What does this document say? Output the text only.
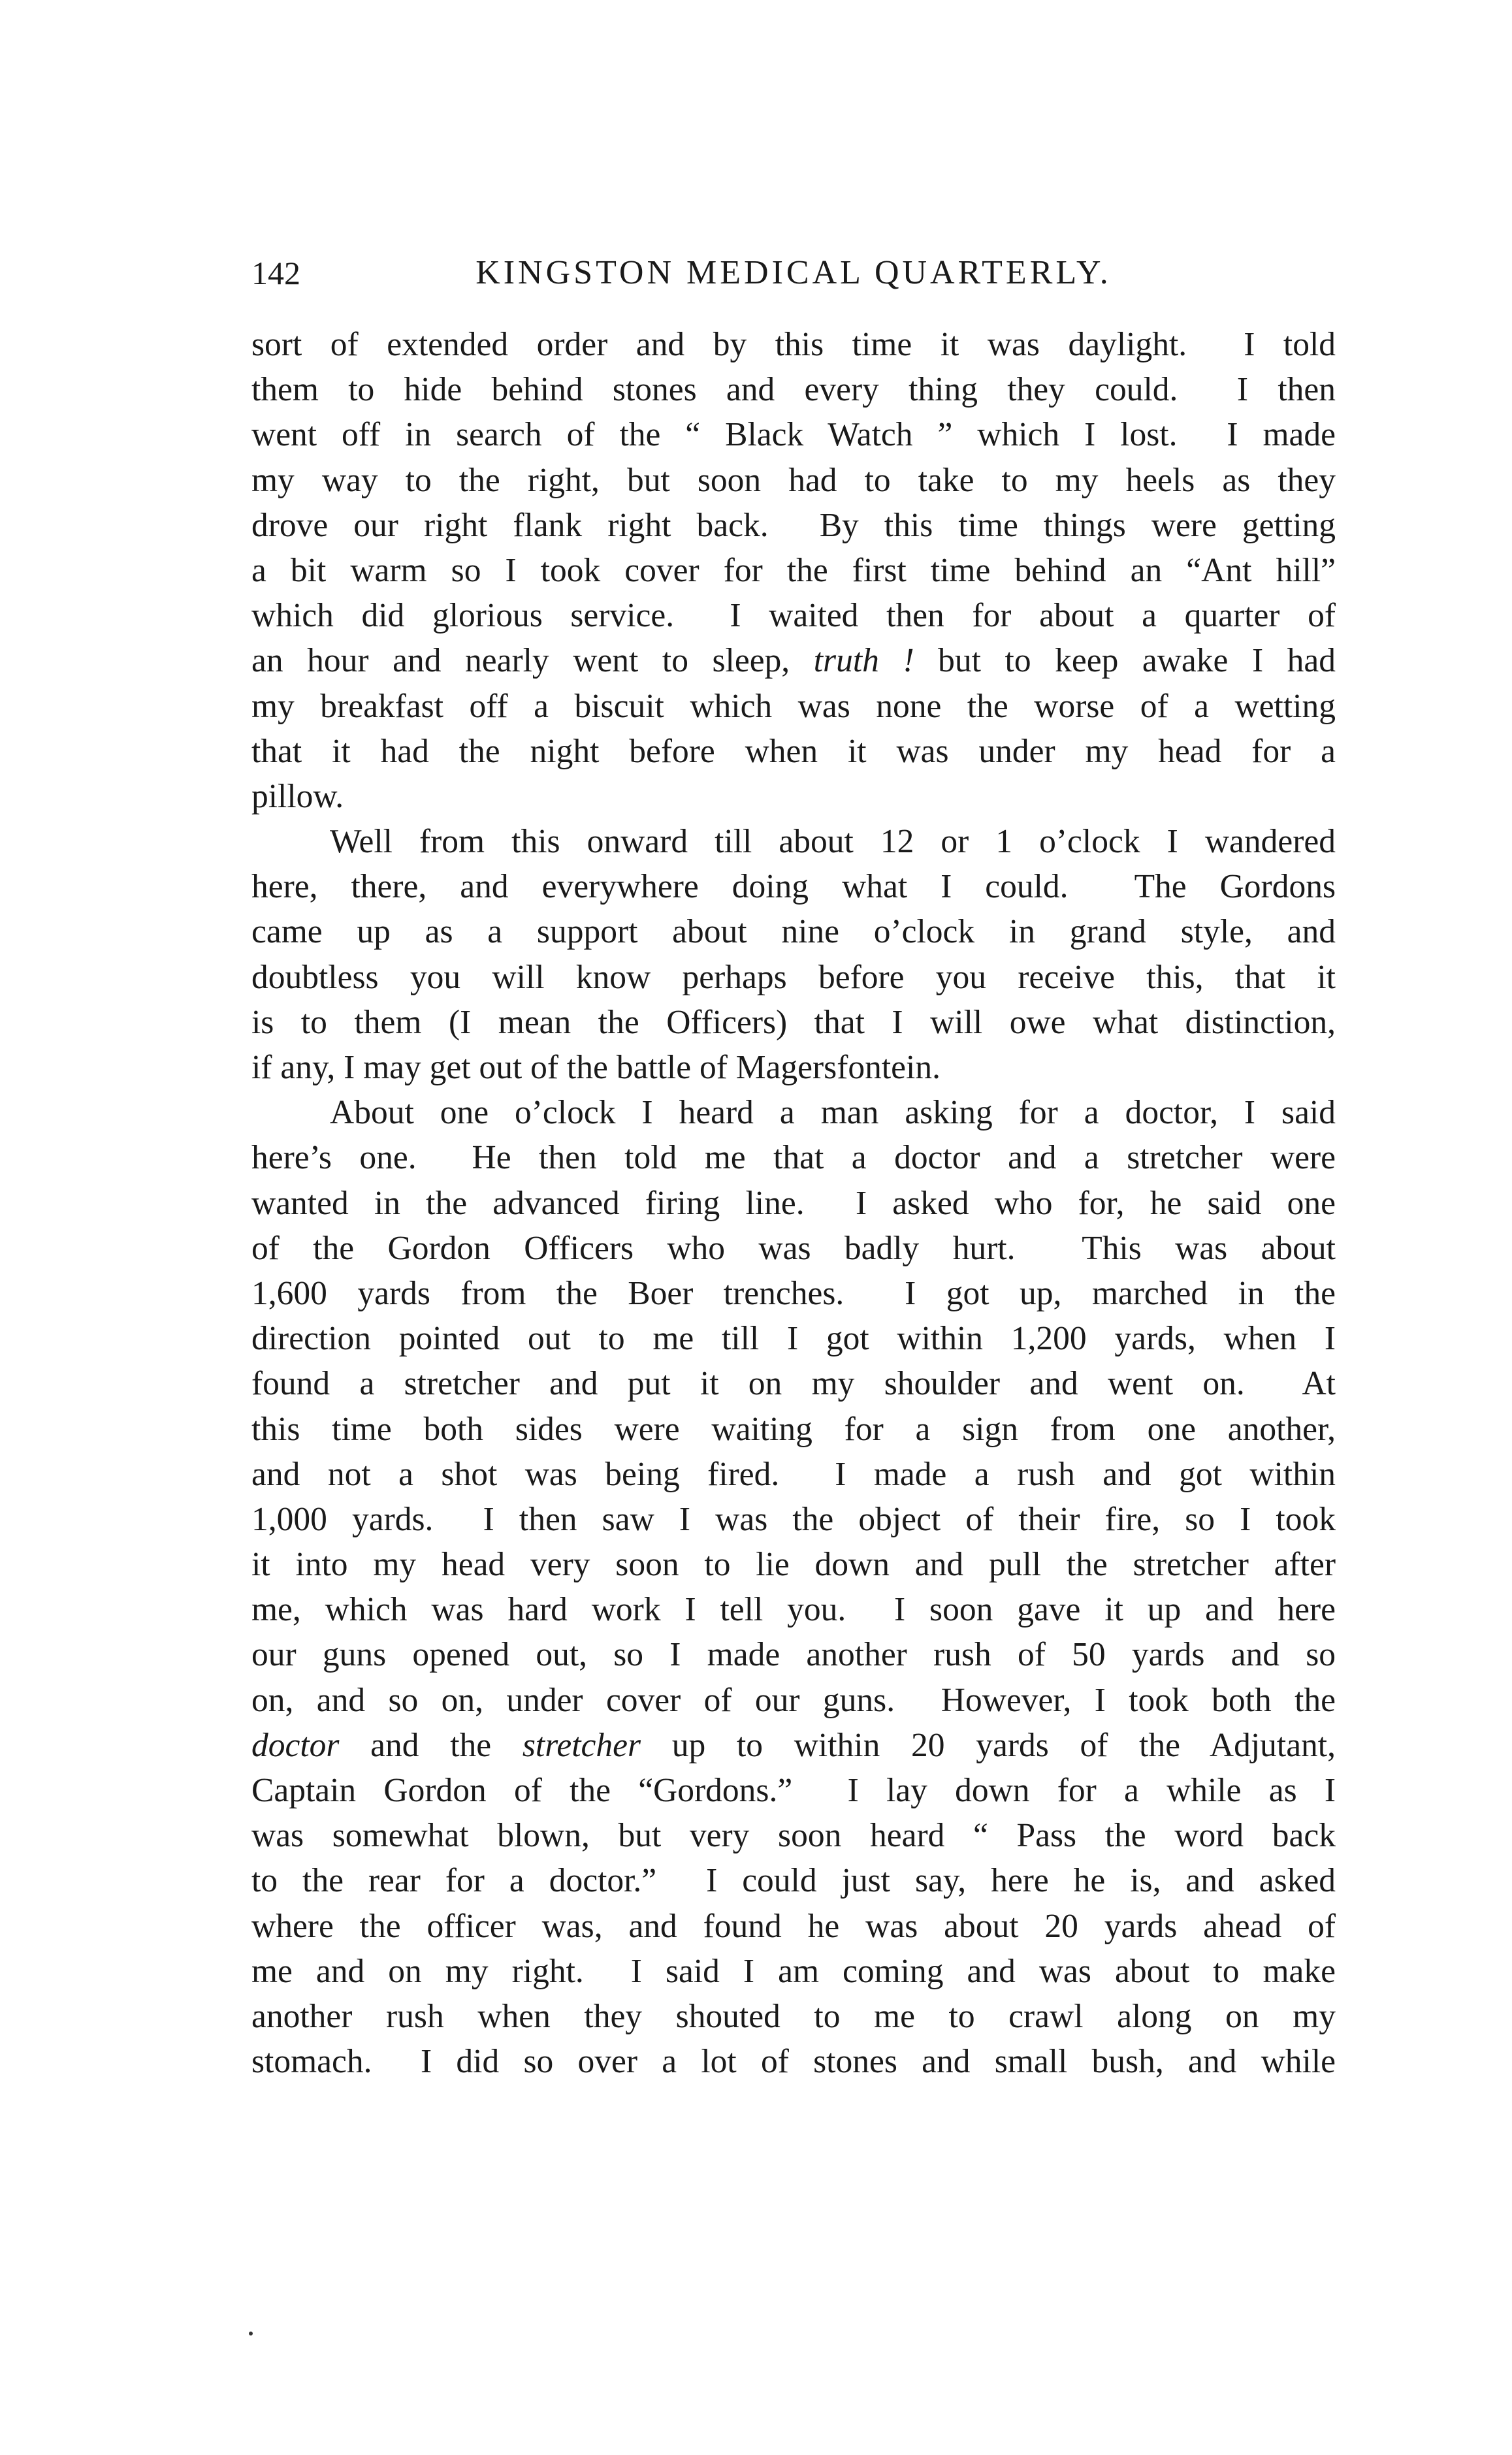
142	KINGSTON MEDICAL QUARTERLY.
sort of extended order and by this time it was daylight.  I told
them to hide behind stones and every thing they could.  I then
went off in search of the “ Black Watch ” which I lost.  I made
my way to the right, but soon had to take to my heels as they
drove our right flank right back.  By this time things were getting
a bit warm so I took cover for the first time behind an “Ant hill”
which did glorious service.  I waited then for about a quarter of
an hour and nearly went to sleep, truth ! but to keep awake I had
my breakfast off a biscuit which was none the worse of a wetting
that it had the night before when it was under my head for a
pillow.
Well from this onward till about 12 or 1 o’clock I wandered
here, there, and everywhere doing what I could.  The Gordons
came up as a support about nine o’clock in grand style, and
doubtless you will know perhaps before you receive this, that it
is to them (I mean the Officers) that I will owe what distinction,
if any, I may get out of the battle of Magersfontein.
About one o’clock I heard a man asking for a doctor, I said
here’s one.  He then told me that a doctor and a stretcher were
wanted in the advanced firing line.  I asked who for, he said one
of the Gordon Officers who was badly hurt.  This was about
1,600 yards from the Boer trenches.  I got up, marched in the
direction pointed out to me till I got within 1,200 yards, when I
found a stretcher and put it on my shoulder and went on.  At
this time both sides were waiting for a sign from one another,
and not a shot was being fired.  I made a rush and got within
1,000 yards.  I then saw I was the object of their fire, so I took
it into my head very soon to lie down and pull the stretcher after
me, which was hard work I tell you.  I soon gave it up and here
our guns opened out, so I made another rush of 50 yards and so
on, and so on, under cover of our guns.  However, I took both the
doctor and the stretcher up to within 20 yards of the Adjutant,
Captain Gordon of the “Gordons.”  I lay down for a while as I
was somewhat blown, but very soon heard “ Pass the word back
to the rear for a doctor.”  I could just say, here he is, and asked
where the officer was, and found he was about 20 yards ahead of
me and on my right.  I said I am coming and was about to make
another rush when they shouted to me to crawl along on my
stomach.  I did so over a lot of stones and small bush, and while
